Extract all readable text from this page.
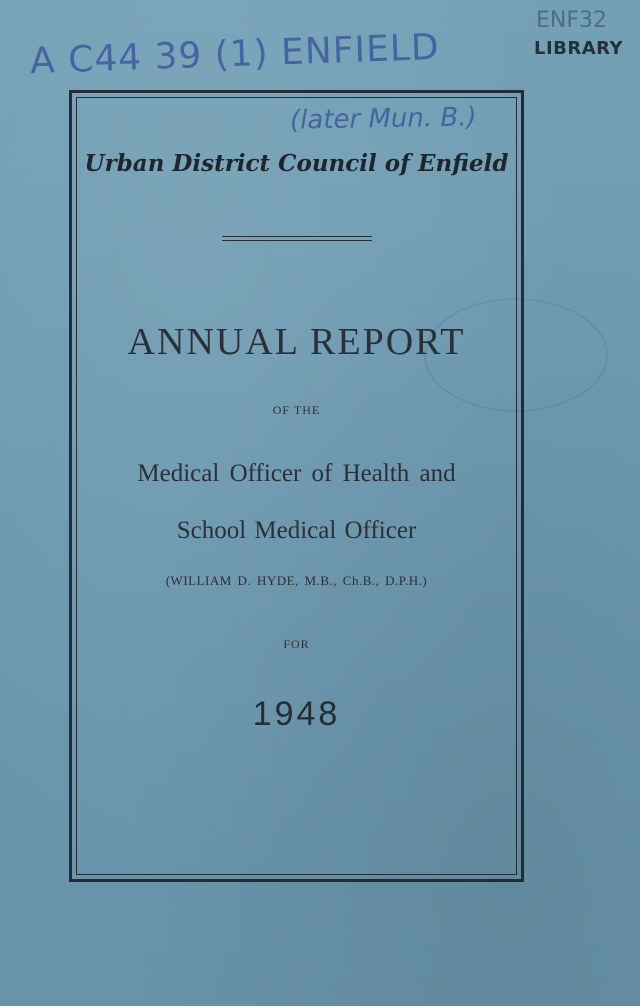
ENF32
LIBRARY
A C44 39 (1) ENFIELD
(later Mun. B.)
Urban District Council of Enfield
ANNUAL REPORT
OF THE
Medical Officer of Health and
School Medical Officer
(WILLIAM D. HYDE, M.B., Ch.B., D.P.H.)
FOR
1948
